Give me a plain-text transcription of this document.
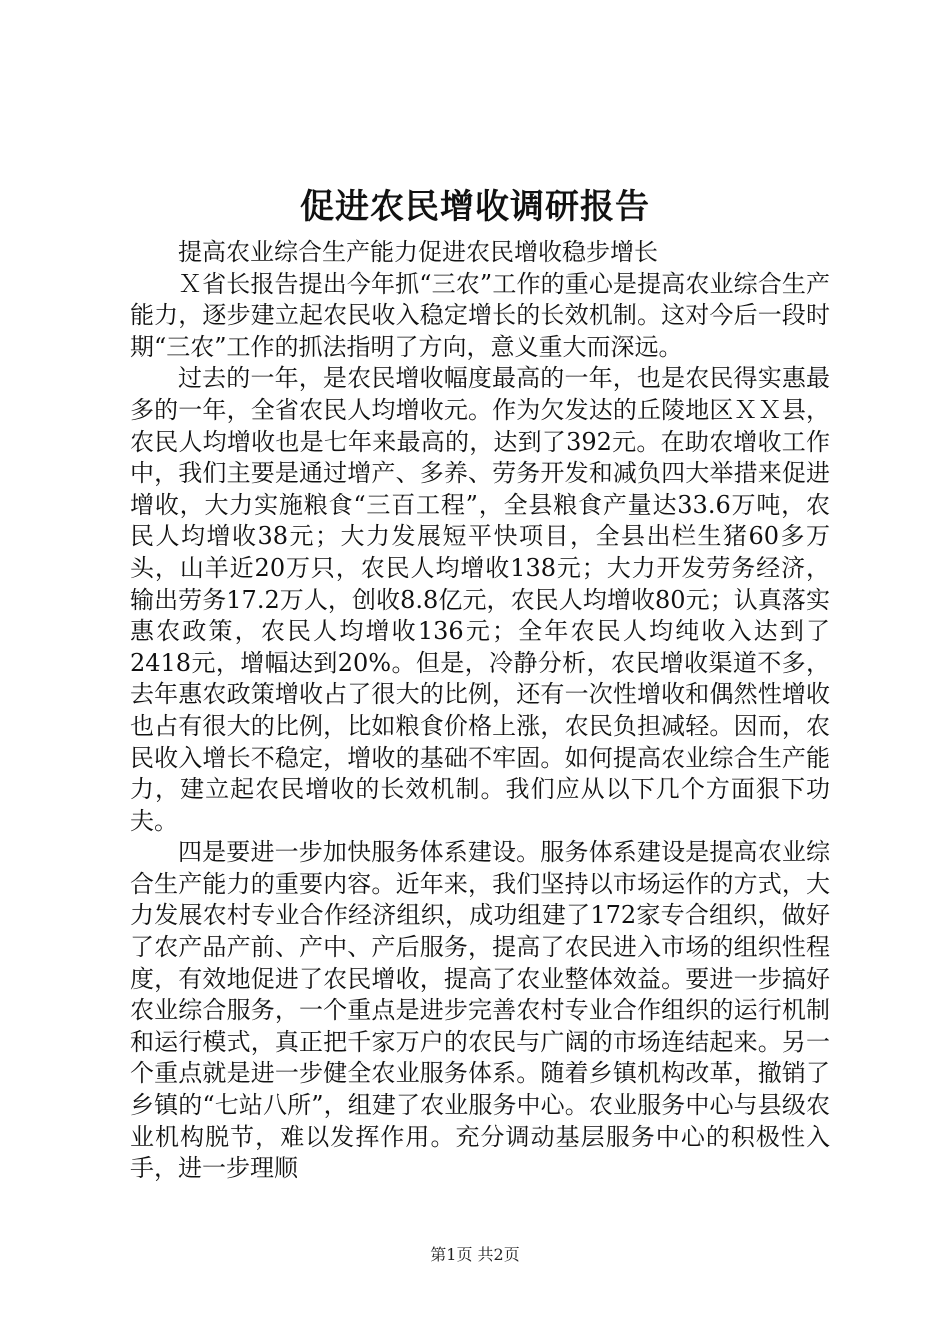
促进农民增收调研报告

提高农业综合生产能力促进农民增收稳步增长

Ｘ省长报告提出今年抓“三农”工作的重心是提高农业综合生产能力，逐步建立起农民收入稳定增长的长效机制。这对今后一段时期“三农”工作的抓法指明了方向，意义重大而深远。

过去的一年，是农民增收幅度最高的一年，也是农民得实惠最多的一年，全省农民人均增收元。作为欠发达的丘陵地区ＸＸ县，农民人均增收也是七年来最高的，达到了392元。在助农增收工作中，我们主要是通过增产、多养、劳务开发和减负四大举措来促进增收，大力实施粮食“三百工程”，全县粮食产量达33.6万吨，农民人均增收38元；大力发展短平快项目，全县出栏生猪60多万头，山羊近20万只，农民人均增收138元；大力开发劳务经济，输出劳务17.2万人，创收8.8亿元，农民人均增收80元；认真落实惠农政策，农民人均增收136元；全年农民人均纯收入达到了2418元，增幅达到20%。但是，冷静分析，农民增收渠道不多，去年惠农政策增收占了很大的比例，还有一次性增收和偶然性增收也占有很大的比例，比如粮食价格上涨，农民负担减轻。因而，农民收入增长不稳定，增收的基础不牢固。如何提高农业综合生产能力，建立起农民增收的长效机制。我们应从以下几个方面狠下功夫。

四是要进一步加快服务体系建设。服务体系建设是提高农业综合生产能力的重要内容。近年来，我们坚持以市场运作的方式，大力发展农村专业合作经济组织，成功组建了172家专合组织，做好了农产品产前、产中、产后服务，提高了农民进入市场的组织性程度，有效地促进了农民增收，提高了农业整体效益。要进一步搞好农业综合服务，一个重点是进步完善农村专业合作组织的运行机制和运行模式，真正把千家万户的农民与广阔的市场连结起来。另一个重点就是进一步健全农业服务体系。随着乡镇机构改革，撤销了乡镇的“七站八所”，组建了农业服务中心。农业服务中心与县级农业机构脱节，难以发挥作用。充分调动基层服务中心的积极性入手，进一步理顺

第1页 共2页
